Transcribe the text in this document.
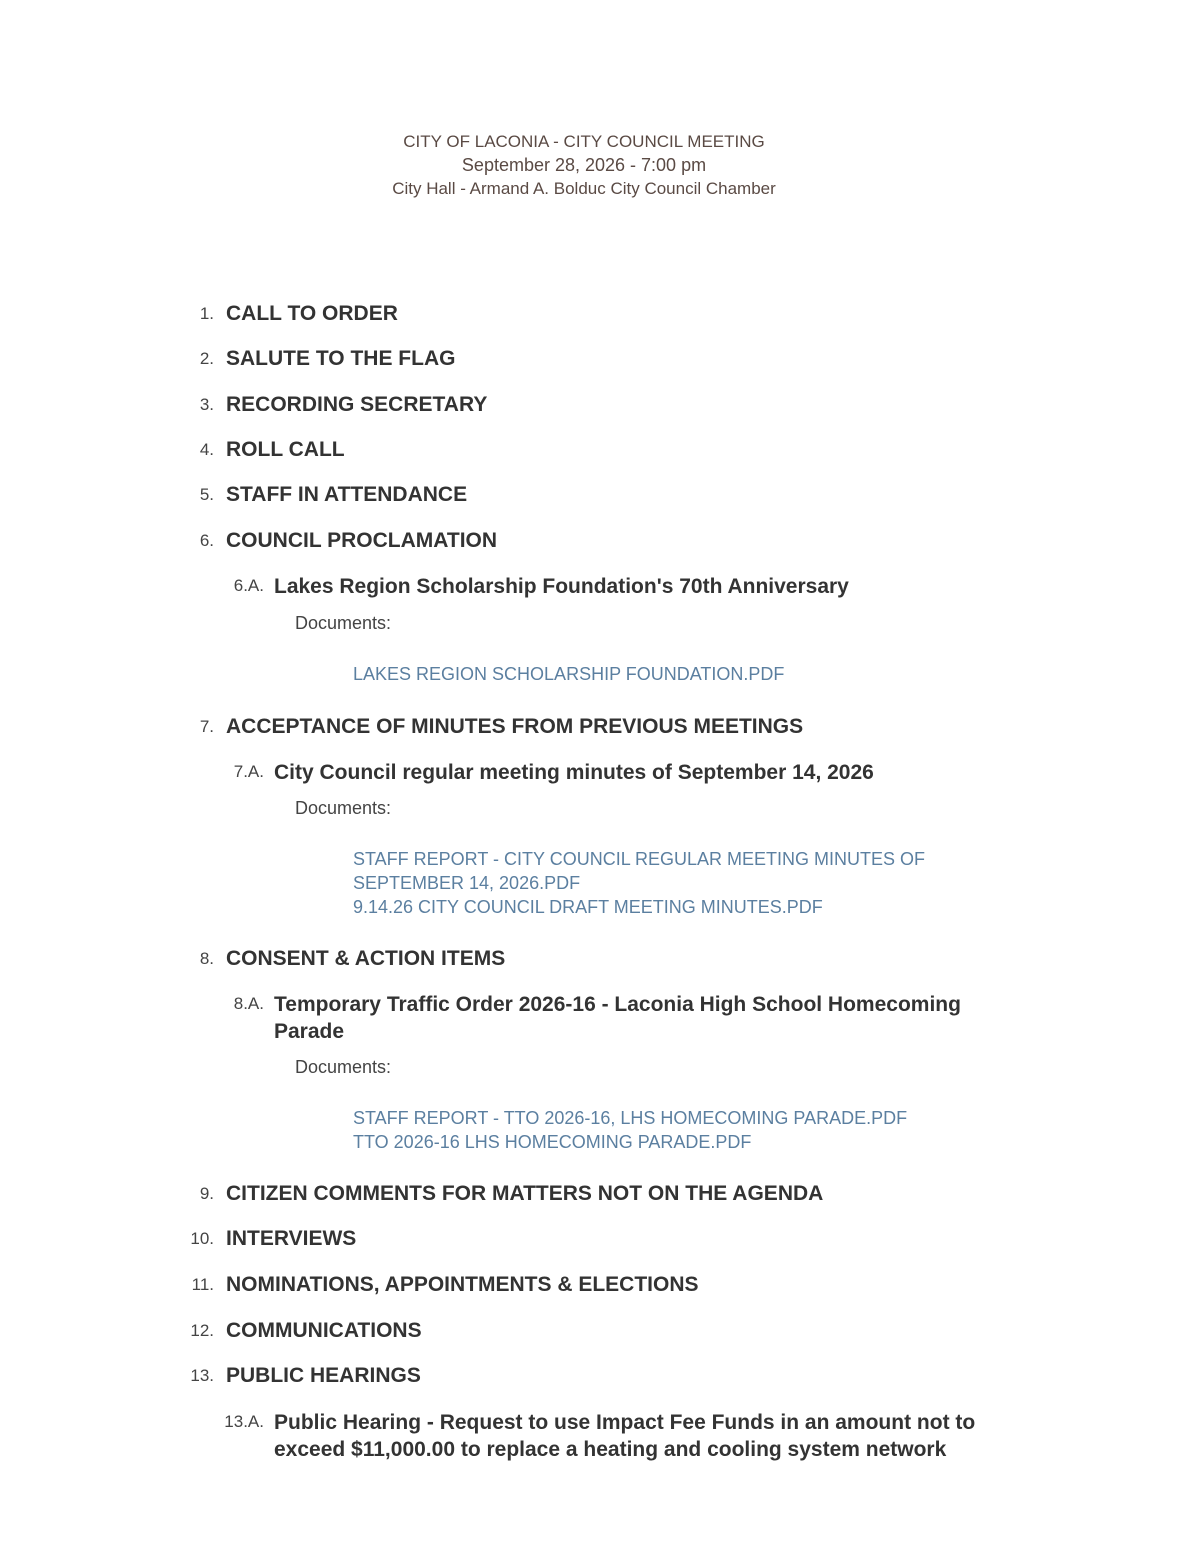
CITY OF LACONIA - CITY COUNCIL MEETING
September 28, 2026 - 7:00 pm
City Hall - Armand A. Bolduc City Council Chamber
1. CALL TO ORDER
2. SALUTE TO THE FLAG
3. RECORDING SECRETARY
4. ROLL CALL
5. STAFF IN ATTENDANCE
6. COUNCIL PROCLAMATION
6.A. Lakes Region Scholarship Foundation's 70th Anniversary
Documents:
LAKES REGION SCHOLARSHIP FOUNDATION.PDF
7. ACCEPTANCE OF MINUTES FROM PREVIOUS MEETINGS
7.A. City Council regular meeting minutes of September 14, 2026
Documents:
STAFF REPORT - CITY COUNCIL REGULAR MEETING MINUTES OF SEPTEMBER 14, 2026.PDF
9.14.26 CITY COUNCIL DRAFT MEETING MINUTES.PDF
8. CONSENT & ACTION ITEMS
8.A. Temporary Traffic Order 2026-16 - Laconia High School Homecoming Parade
Documents:
STAFF REPORT - TTO 2026-16, LHS HOMECOMING PARADE.PDF
TTO 2026-16 LHS HOMECOMING PARADE.PDF
9. CITIZEN COMMENTS FOR MATTERS NOT ON THE AGENDA
10. INTERVIEWS
11. NOMINATIONS, APPOINTMENTS & ELECTIONS
12. COMMUNICATIONS
13. PUBLIC HEARINGS
13.A. Public Hearing - Request to use Impact Fee Funds in an amount not to exceed $11,000.00 to replace a heating and cooling system network
